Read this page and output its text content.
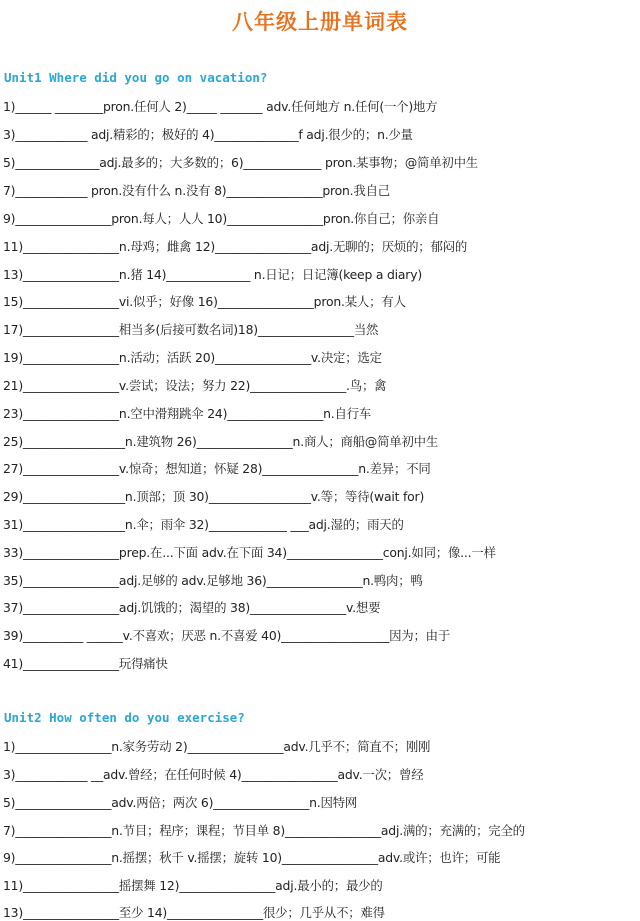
八年级上册单词表
Unit1 Where did you go on vacation?
1)______ ________pron.任何人 2)_____ _______ adv.任何地方 n.任何(一个)地方
3)____________ adj.精彩的；极好的 4)______________f adj.很少的；n.少量
5)______________adj.最多的；大多数的；6)_____________ pron.某事物；@简单初中生
7)____________ pron.没有什么 n.没有 8)________________pron.我自己
9)________________pron.每人；人人 10)________________pron.你自己；你亲自
11)________________n.母鸡；雌禽 12)________________adj.无聊的；厌烦的；郁闷的
13)________________n.猪 14)______________ n.日记；日记簿(keep a diary)
15)________________vi.似乎；好像 16)________________pron.某人；有人
17)________________相当多(后接可数名词)18)________________当然
19)________________n.活动；活跃 20)________________v.决定；选定
21)________________v.尝试；设法；努力 22)________________.鸟；禽
23)________________n.空中滑翔跳伞 24)________________n.自行车
25)_________________n.建筑物 26)________________n.商人；商船@简单初中生
27)________________v.惊奇；想知道；怀疑 28)________________n.差异；不同
29)_________________n.顶部；顶 30)_________________v.等；等待(wait for)
31)_________________n.伞；雨伞 32)_____________ ___adj.湿的；雨天的
33)________________prep.在...下面 adv.在下面 34)________________conj.如同；像...一样
35)________________adj.足够的 adv.足够地 36)________________n.鸭肉；鸭
37)________________adj.饥饿的；渴望的 38)________________v.想要
39)__________ ______v.不喜欢；厌恶 n.不喜爱 40)__________________因为；由于
41)________________玩得痛快
Unit2 How often do you exercise?
1)________________n.家务劳动 2)________________adv.几乎不；简直不；刚刚
3)____________ __adv.曾经；在任何时候 4)________________adv.一次；曾经
5)________________adv.两倍；两次 6)________________n.因特网
7)________________n.节目；程序；课程；节目单 8)________________adj.满的；充满的；完全的
9)________________n.摇摆；秋千 v.摇摆；旋转 10)________________adv.或许；也许；可能
11)________________摇摆舞 12)________________adj.最小的；最少的
13)________________至少 14)________________很少；几乎从不；难得
